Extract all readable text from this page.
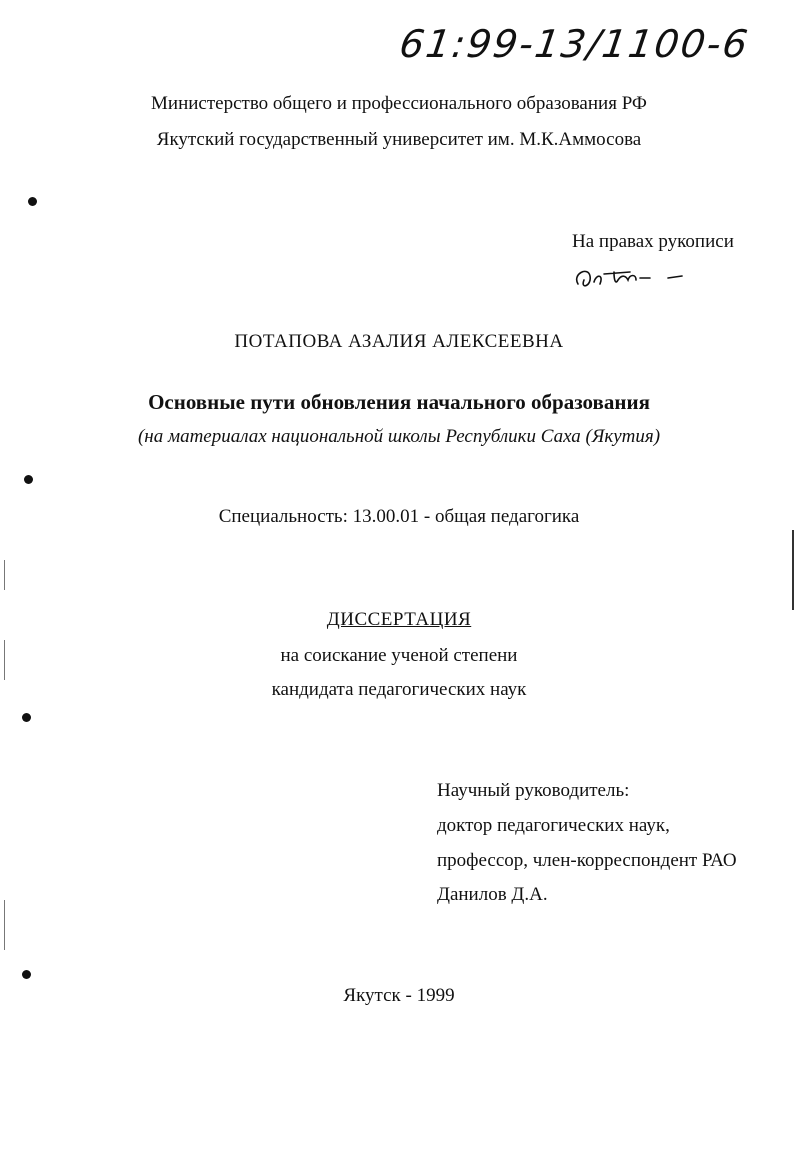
61:99-13/1100-6
Министерство общего и профессионального образования РФ
Якутский государственный университет им. М.К.Аммосова
На правах рукописи
ПОТАПОВА АЗАЛИЯ АЛЕКСЕЕВНА
Основные пути обновления начального образования
(на материалах национальной школы Республики Саха (Якутия)
Специальность: 13.00.01 - общая педагогика
ДИССЕРТАЦИЯ
на соискание ученой степени
кандидата педагогических наук
Научный руководитель:
доктор педагогических наук,
профессор, член-корреспондент РАО
Данилов Д.А.
Якутск - 1999
